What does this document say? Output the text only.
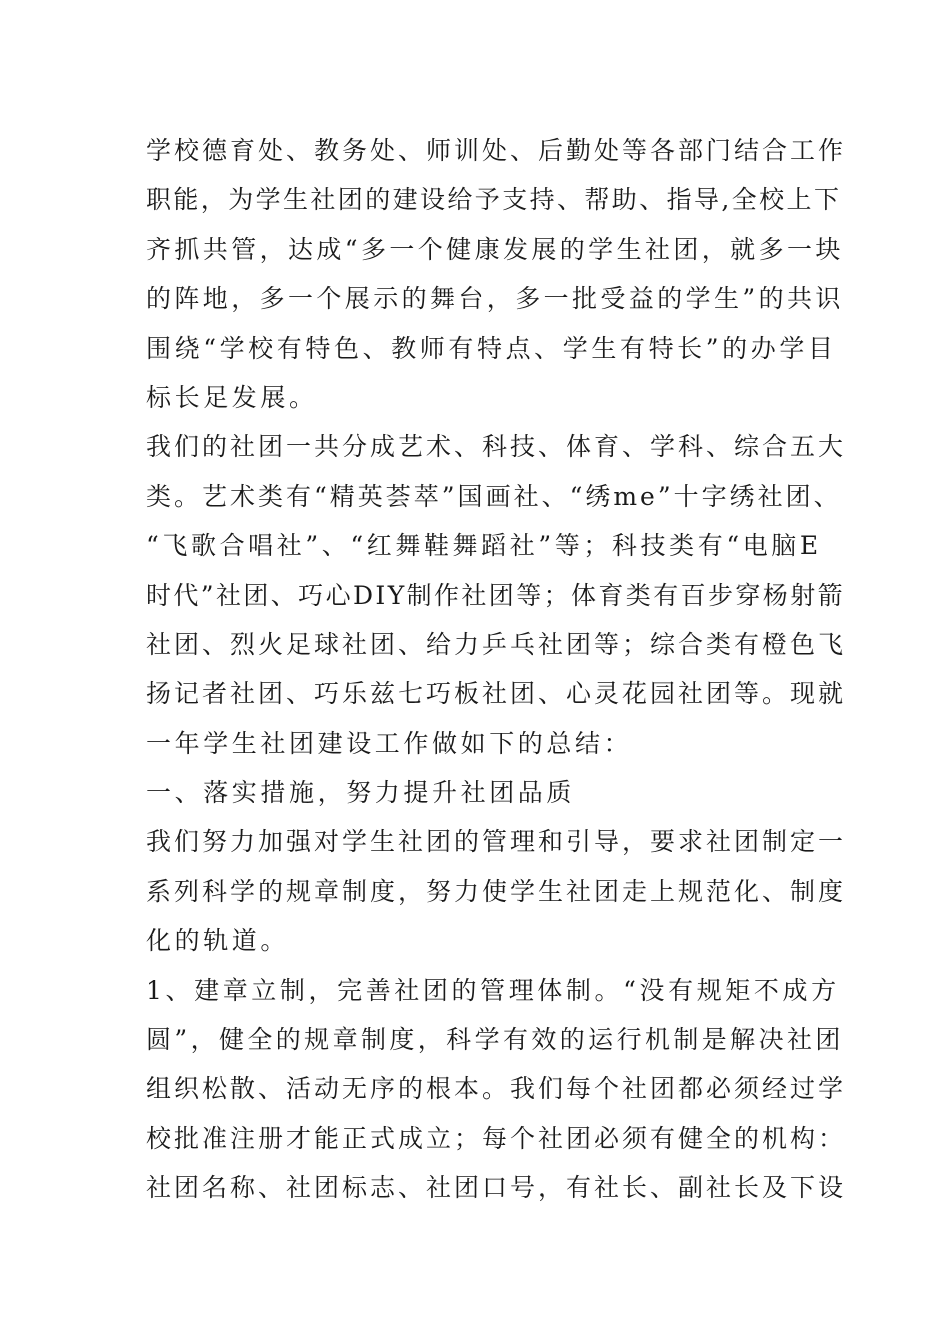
学校德育处、教务处、师训处、后勤处等各部门结合工作
职能，为学生社团的建设给予支持、帮助、指导,全校上下
齐抓共管，达成“多一个健康发展的学生社团，就多一块
的阵地，多一个展示的舞台，多一批受益的学生”的共识
围绕“学校有特色、教师有特点、学生有特长”的办学目
标长足发展。
我们的社团一共分成艺术、科技、体育、学科、综合五大
类。艺术类有“精英荟萃”国画社、“绣me”十字绣社团、
“飞歌合唱社”、“红舞鞋舞蹈社”等；科技类有“电脑E
时代”社团、巧心DIY制作社团等；体育类有百步穿杨射箭
社团、烈火足球社团、给力乒乓社团等；综合类有橙色飞
扬记者社团、巧乐兹七巧板社团、心灵花园社团等。现就
一年学生社团建设工作做如下的总结：
一、落实措施，努力提升社团品质
我们努力加强对学生社团的管理和引导，要求社团制定一
系列科学的规章制度，努力使学生社团走上规范化、制度
化的轨道。
1、建章立制，完善社团的管理体制。“没有规矩不成方
圆”，健全的规章制度，科学有效的运行机制是解决社团
组织松散、活动无序的根本。我们每个社团都必须经过学
校批准注册才能正式成立；每个社团必须有健全的机构：
社团名称、社团标志、社团口号，有社长、副社长及下设
